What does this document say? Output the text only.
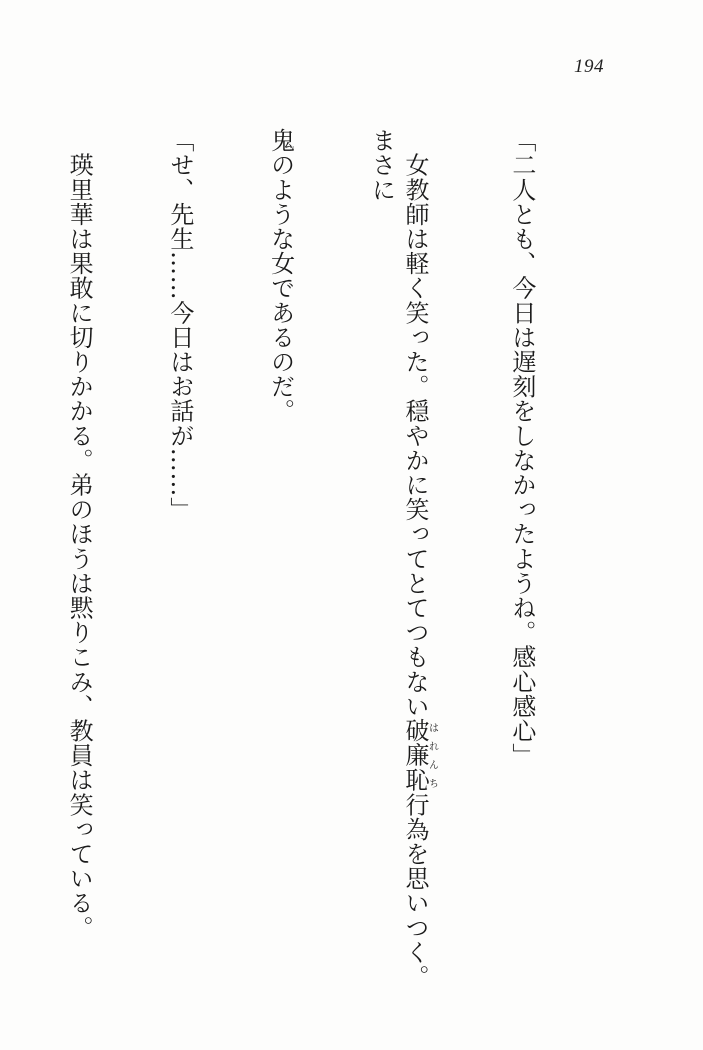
194

「二人とも、今日は遅刻をしなかったようね。感心感心」

　女教師は軽く笑った。穏やかに笑ってとてつもない破廉恥はれんち行為を思いつく。まさに

鬼のような女であるのだ。

「せ、先生……今日はお話が……」

　瑛里華は果敢に切りかかる。弟のほうは黙りこみ、教員は笑っている。
